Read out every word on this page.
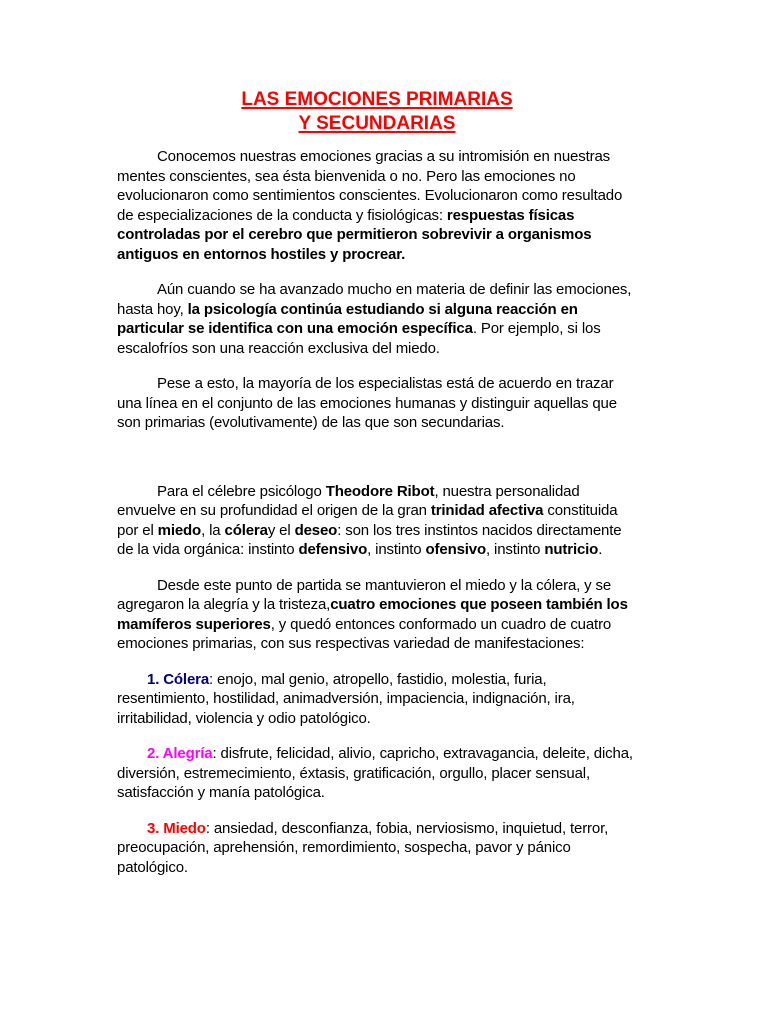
LAS EMOCIONES PRIMARIAS
Y SECUNDARIAS

Conocemos nuestras emociones gracias a su intromisión en nuestras mentes conscientes, sea ésta bienvenida o no. Pero las emociones no evolucionaron como sentimientos conscientes. Evolucionaron como resultado de especializaciones de la conducta y fisiológicas: respuestas físicas controladas por el cerebro que permitieron sobrevivir a organismos antiguos en entornos hostiles y procrear.

Aún cuando se ha avanzado mucho en materia de definir las emociones, hasta hoy, la psicología continúa estudiando si alguna reacción en particular se identifica con una emoción específica. Por ejemplo, si los escalofríos son una reacción exclusiva del miedo.

Pese a esto, la mayoría de los especialistas está de acuerdo en trazar una línea en el conjunto de las emociones humanas y distinguir aquellas que son primarias (evolutivamente) de las que son secundarias.

Para el célebre psicólogo Theodore Ribot, nuestra personalidad envuelve en su profundidad el origen de la gran trinidad afectiva constituida por el miedo, la cóleray el deseo: son los tres instintos nacidos directamente de la vida orgánica: instinto defensivo, instinto ofensivo, instinto nutricio.

Desde este punto de partida se mantuvieron el miedo y la cólera, y se agregaron la alegría y la tristeza,cuatro emociones que poseen también los mamíferos superiores, y quedó entonces conformado un cuadro de cuatro emociones primarias, con sus respectivas variedad de manifestaciones:

1. Cólera: enojo, mal genio, atropello, fastidio, molestia, furia, resentimiento, hostilidad, animadversión, impaciencia, indignación, ira, irritabilidad, violencia y odio patológico.

2. Alegría: disfrute, felicidad, alivio, capricho, extravagancia, deleite, dicha, diversión, estremecimiento, éxtasis, gratificación, orgullo, placer sensual, satisfacción y manía patológica.

3. Miedo: ansiedad, desconfianza, fobia, nerviosismo, inquietud, terror, preocupación, aprehensión, remordimiento, sospecha, pavor y pánico patológico.
